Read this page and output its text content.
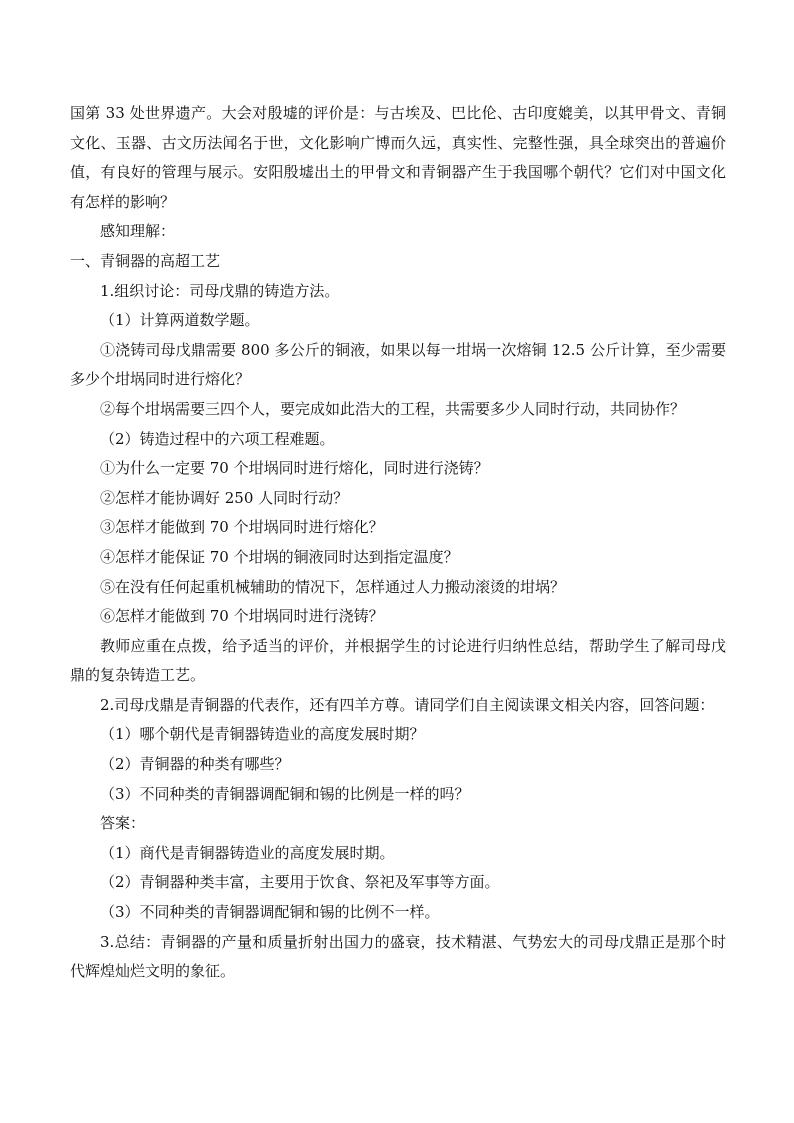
国第 33 处世界遗产。大会对殷墟的评价是：与古埃及、巴比伦、古印度媲美，以其甲骨文、青铜文化、玉器、古文历法闻名于世，文化影响广博而久远，真实性、完整性强，具全球突出的普遍价值，有良好的管理与展示。安阳殷墟出土的甲骨文和青铜器产生于我国哪个朝代？它们对中国文化有怎样的影响？

感知理解：

一、青铜器的高超工艺

1.组织讨论：司母戊鼎的铸造方法。

（1）计算两道数学题。

①浇铸司母戊鼎需要 800 多公斤的铜液，如果以每一坩埚一次熔铜 12.5 公斤计算，至少需要多少个坩埚同时进行熔化？

②每个坩埚需要三四个人，要完成如此浩大的工程，共需要多少人同时行动，共同协作？

（2）铸造过程中的六项工程难题。

①为什么一定要 70 个坩埚同时进行熔化，同时进行浇铸？

②怎样才能协调好 250 人同时行动？

③怎样才能做到 70 个坩埚同时进行熔化？

④怎样才能保证 70 个坩埚的铜液同时达到指定温度？

⑤在没有任何起重机械辅助的情况下，怎样通过人力搬动滚烫的坩埚？

⑥怎样才能做到 70 个坩埚同时进行浇铸？

教师应重在点拨，给予适当的评价，并根据学生的讨论进行归纳性总结，帮助学生了解司母戊鼎的复杂铸造工艺。

2.司母戊鼎是青铜器的代表作，还有四羊方尊。请同学们自主阅读课文相关内容，回答问题：

（1）哪个朝代是青铜器铸造业的高度发展时期？

（2）青铜器的种类有哪些？

（3）不同种类的青铜器调配铜和锡的比例是一样的吗？

答案：

（1）商代是青铜器铸造业的高度发展时期。

（2）青铜器种类丰富，主要用于饮食、祭祀及军事等方面。

（3）不同种类的青铜器调配铜和锡的比例不一样。

3.总结：青铜器的产量和质量折射出国力的盛衰，技术精湛、气势宏大的司母戊鼎正是那个时代辉煌灿烂文明的象征。
